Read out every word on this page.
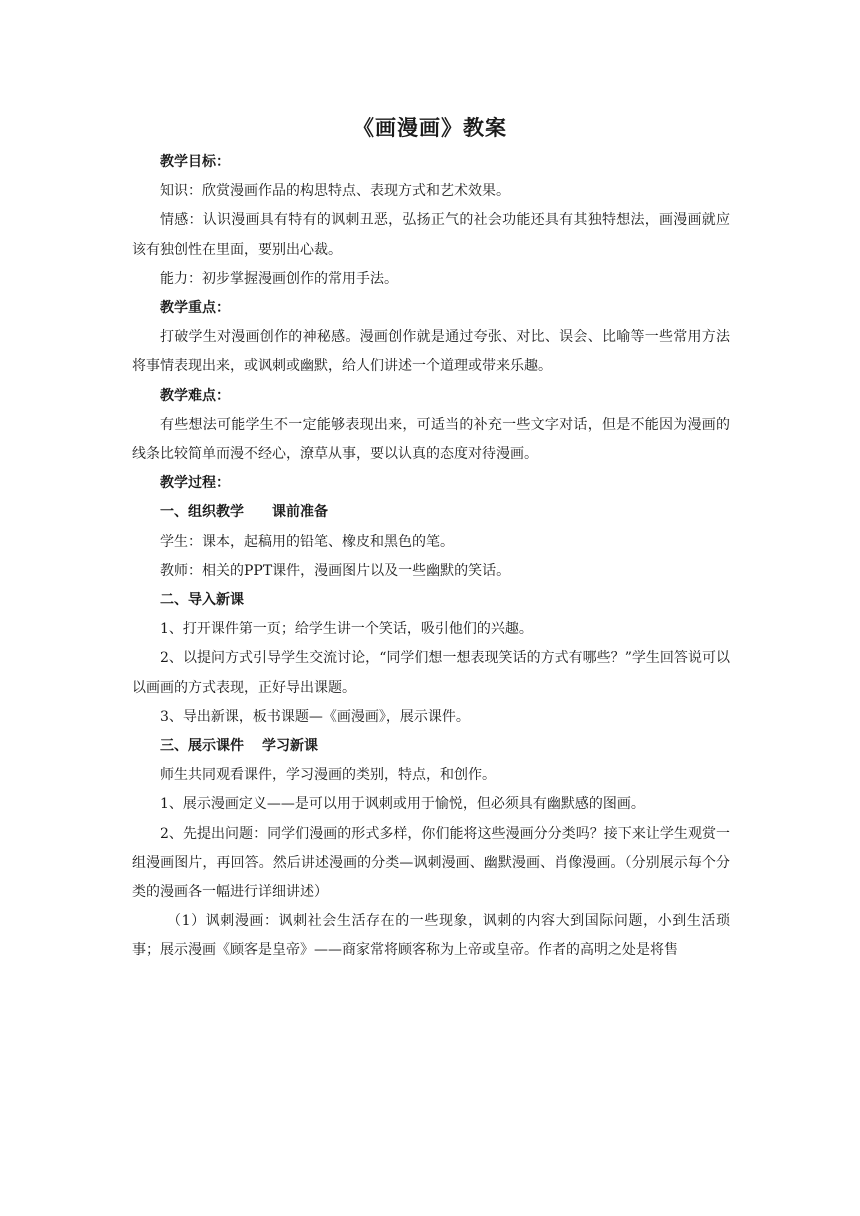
《画漫画》教案

教学目标：

知识：欣赏漫画作品的构思特点、表现方式和艺术效果。

情感：认识漫画具有特有的讽刺丑恶，弘扬正气的社会功能还具有其独特想法，画漫画就应该有独创性在里面，要别出心裁。

能力：初步掌握漫画创作的常用手法。

教学重点：

打破学生对漫画创作的神秘感。漫画创作就是通过夸张、对比、误会、比喻等一些常用方法将事情表现出来，或讽刺或幽默，给人们讲述一个道理或带来乐趣。

教学难点：

有些想法可能学生不一定能够表现出来，可适当的补充一些文字对话，但是不能因为漫画的线条比较简单而漫不经心，潦草从事，要以认真的态度对待漫画。

教学过程：

一、组织教学 课前准备

学生：课本，起稿用的铅笔、橡皮和黑色的笔。

教师：相关的PPT课件，漫画图片以及一些幽默的笑话。

二、导入新课

1、打开课件第一页；给学生讲一个笑话，吸引他们的兴趣。

2、以提问方式引导学生交流讨论，“同学们想一想表现笑话的方式有哪些？”学生回答说可以以画画的方式表现，正好导出课题。

3、导出新课，板书课题—《画漫画》，展示课件。

三、展示课件 学习新课

师生共同观看课件，学习漫画的类别，特点，和创作。

1、展示漫画定义——是可以用于讽刺或用于愉悦，但必须具有幽默感的图画。

2、先提出问题：同学们漫画的形式多样，你们能将这些漫画分分类吗？接下来让学生观赏一组漫画图片，再回答。然后讲述漫画的分类—讽刺漫画、幽默漫画、肖像漫画。（分别展示每个分类的漫画各一幅进行详细讲述）

（1）讽刺漫画：讽刺社会生活存在的一些现象，讽刺的内容大到国际问题，小到生活琐事；展示漫画《顾客是皇帝》——商家常将顾客称为上帝或皇帝。作者的高明之处是将售
